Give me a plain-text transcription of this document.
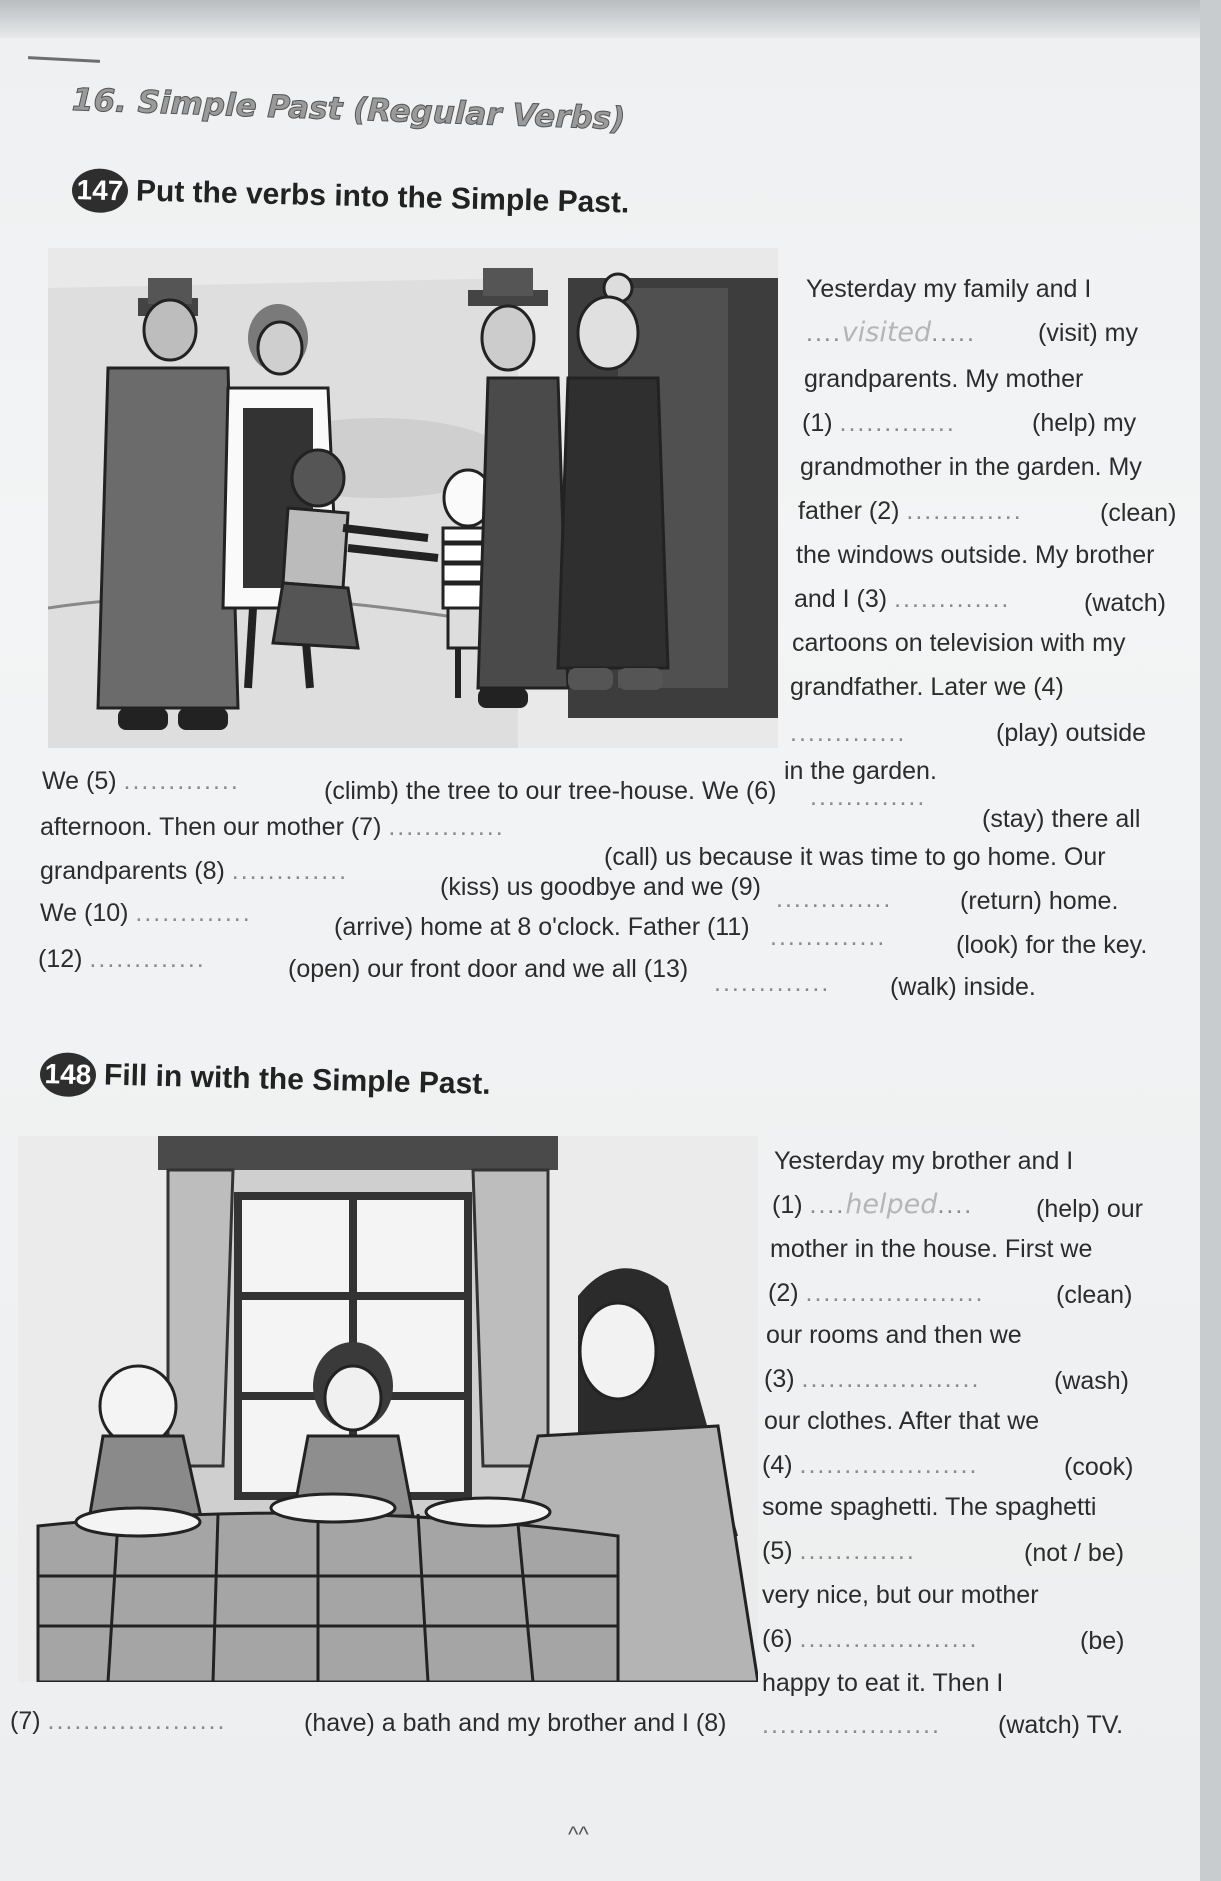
16. Simple Past (Regular Verbs)
147 Put the verbs into the Simple Past.
Yesterday my family and I
....visited..... (visit) my
grandparents. My mother
(1) .............	(help) my
grandmother in the garden. My
father (2) .............	(clean)
the windows outside. My brother
and I (3) .............	(watch)
cartoons on television with my
grandfather. Later we (4)
.............	(play) outside
in the garden.
We (5) .............	(climb) the tree to our tree-house. We (6) .............
(stay) there all
afternoon. Then our mother (7) .............
(call) us because it was time to go home. Our
grandparents (8) .............
(kiss) us goodbye and we (9) .............	(return) home.
We (10) .............	(arrive) home at 8 o'clock. Father (11) .............	(look) for the key.
(12) .............	(open) our front door and we all (13) ............. (walk) inside.
148 Fill in with the Simple Past.
Yesterday my brother and I
(1) ....helped....	(help) our
mother in the house. First we
(2) ....................	(clean)
our rooms and then we
(3) ....................	(wash)
our clothes. After that we
(4) ....................	(cook)
some spaghetti. The spaghetti
(5) .............	(not / be)
very nice, but our mother
(6) ....................	(be)
happy to eat it. Then I
(7) ....................	(have) a bath and my brother and I (8) .................... (watch) TV.
^^
